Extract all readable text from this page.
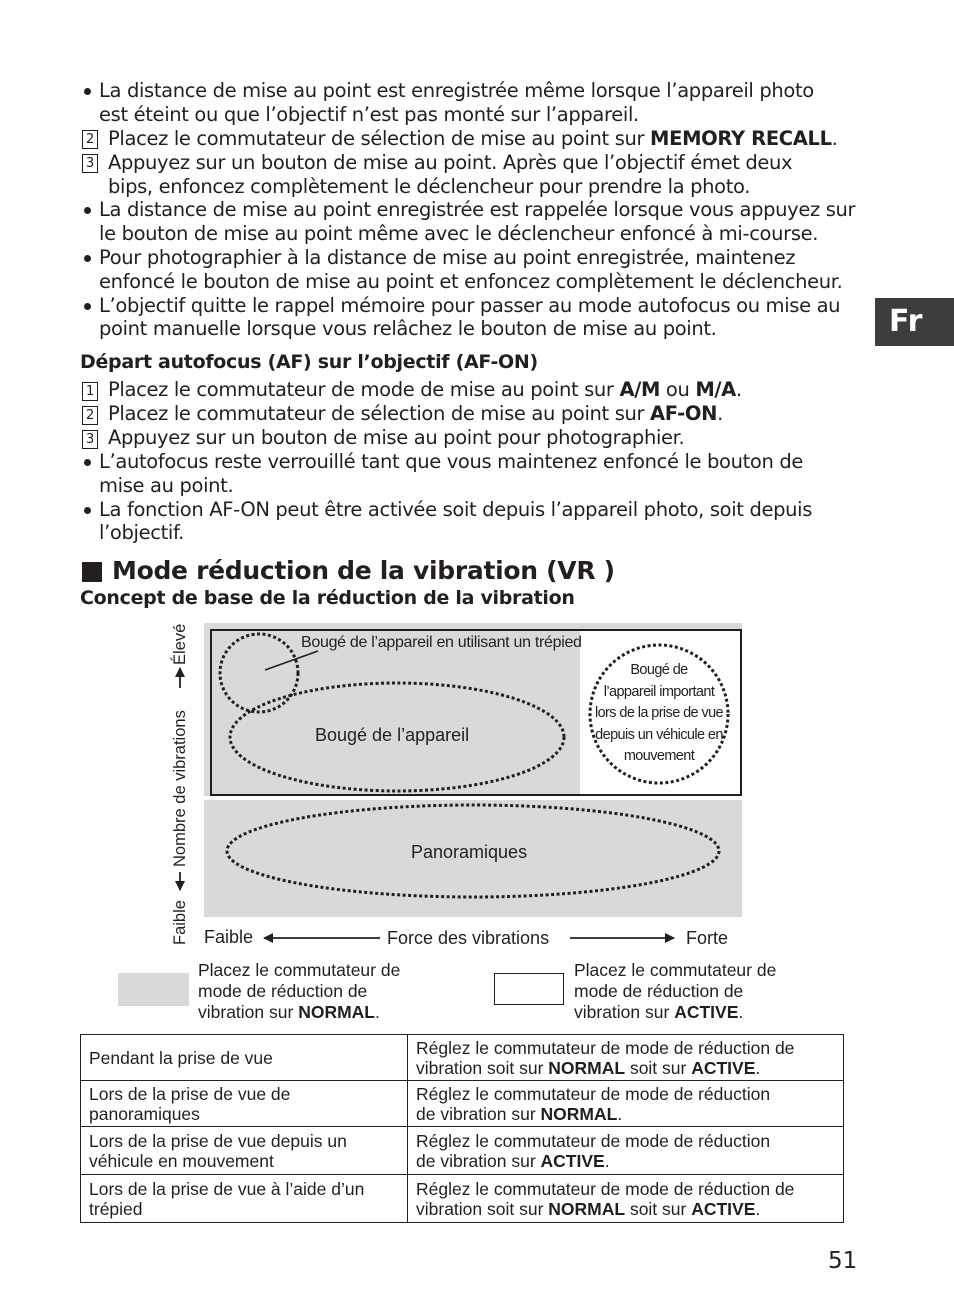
La distance de mise au point est enregistrée même lorsque l’appareil photo
est éteint ou que l’objectif n’est pas monté sur l’appareil.
2 Placez le commutateur de sélection de mise au point sur MEMORY RECALL.
3 Appuyez sur un bouton de mise au point. Après que l’objectif émet deux
bips, enfoncez complètement le déclencheur pour prendre la photo.
La distance de mise au point enregistrée est rappelée lorsque vous appuyez sur
le bouton de mise au point même avec le déclencheur enfoncé à mi-course.
Pour photographier à la distance de mise au point enregistrée, maintenez
enfoncé le bouton de mise au point et enfoncez complètement le déclencheur.
L’objectif quitte le rappel mémoire pour passer au mode autofocus ou mise au
point manuelle lorsque vous relâchez le bouton de mise au point.	Fr
Départ autofocus (AF) sur l’objectif (AF-ON)
1 Placez le commutateur de mode de mise au point sur A/M ou M/A.
2 Placez le commutateur de sélection de mise au point sur AF-ON.
3 Appuyez sur un bouton de mise au point pour photographier.
L’autofocus reste verrouillé tant que vous maintenez enfoncé le bouton de
mise au point.
La fonction AF-ON peut être activée soit depuis l’appareil photo, soit depuis
l’objectif.
Mode réduction de la vibration (VR )
Concept de base de la réduction de la vibration
Bougé de l’appareil en utilisant un trépied
Bougé de
l’appareil important
lors de la prise de vue
depuis un véhicule en
mouvement
Bougé de l’appareil
Panoramiques
Faible
Nombre de vibrations
Élevé
Faible	Force des vibrations	Forte
Placez le commutateur de
mode de réduction de
vibration sur NORMAL.
Placez le commutateur de
mode de réduction de
vibration sur ACTIVE.
Pendant la prise de vue	Réglez le commutateur de mode de réduction de
vibration soit sur NORMAL soit sur ACTIVE.

Lors de la prise de vue de panoramiques	Réglez le commutateur de mode de réduction
de vibration sur NORMAL.

Lors de la prise de vue depuis un véhicule en mouvement	Réglez le commutateur de mode de réduction
de vibration sur ACTIVE.

Lors de la prise de vue à l’aide d’un trépied	Réglez le commutateur de mode de réduction de
vibration soit sur NORMAL soit sur ACTIVE.
51
